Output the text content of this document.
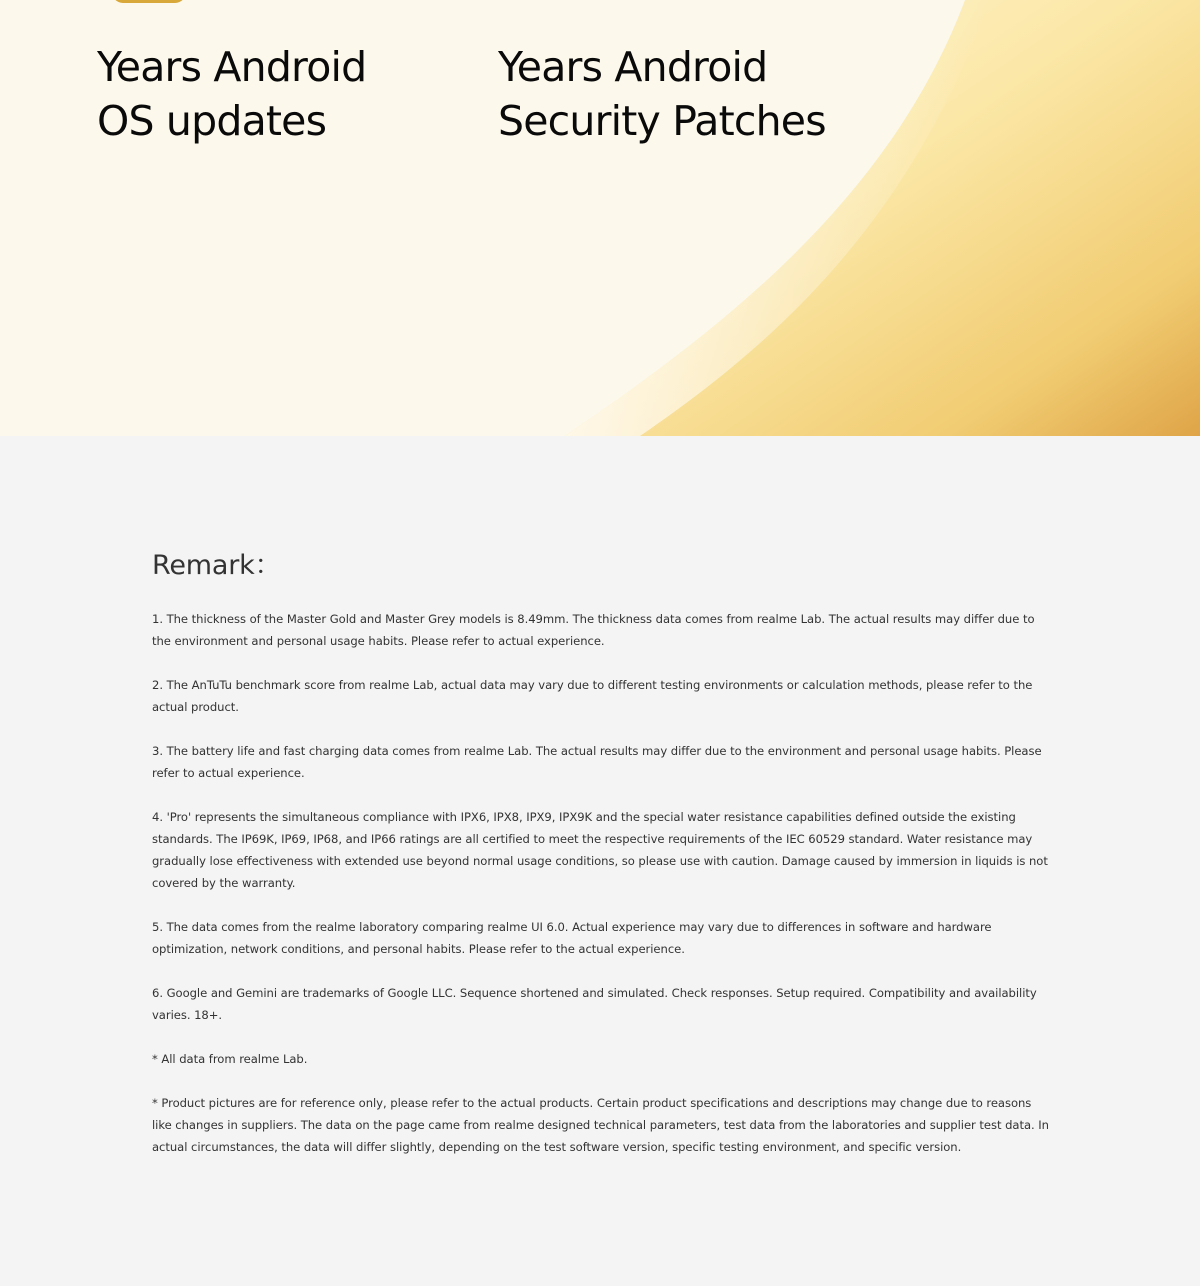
Years Android
OS updates
Years Android
Security Patches
Remark：

1. The thickness of the Master Gold and Master Grey models is 8.49mm. The thickness data comes from realme Lab. The actual results may differ due to the environment and personal usage habits. Please refer to actual experience.

2. The AnTuTu benchmark score from realme Lab, actual data may vary due to different testing environments or calculation methods, please refer to the actual product.

3. The battery life and fast charging data comes from realme Lab. The actual results may differ due to the environment and personal usage habits. Please refer to actual experience.

4. 'Pro' represents the simultaneous compliance with IPX6, IPX8, IPX9, IPX9K and the special water resistance capabilities defined outside the existing standards. The IP69K, IP69, IP68, and IP66 ratings are all certified to meet the respective requirements of the IEC 60529 standard. Water resistance may gradually lose effectiveness with extended use beyond normal usage conditions, so please use with caution. Damage caused by immersion in liquids is not covered by the warranty.

5. The data comes from the realme laboratory comparing realme UI 6.0. Actual experience may vary due to differences in software and hardware optimization, network conditions, and personal habits. Please refer to the actual experience.

6. Google and Gemini are trademarks of Google LLC. Sequence shortened and simulated. Check responses. Setup required. Compatibility and availability varies. 18+.

* All data from realme Lab.

* Product pictures are for reference only, please refer to the actual products. Certain product specifications and descriptions may change due to reasons like changes in suppliers. The data on the page came from realme designed technical parameters, test data from the laboratories and supplier test data. In actual circumstances, the data will differ slightly, depending on the test software version, specific testing environment, and specific version.
